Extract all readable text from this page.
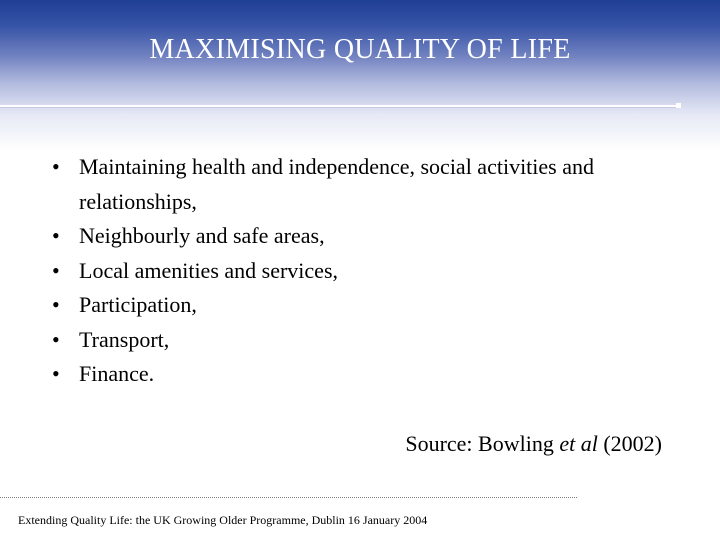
MAXIMISING QUALITY OF LIFE
• Maintaining health and independence, social activities and relationships,
• Neighbourly and safe areas,
• Local amenities and services,
• Participation,
• Transport,
• Finance.
Source: Bowling et al (2002)
Extending Quality Life: the UK Growing Older Programme, Dublin 16 January 2004
